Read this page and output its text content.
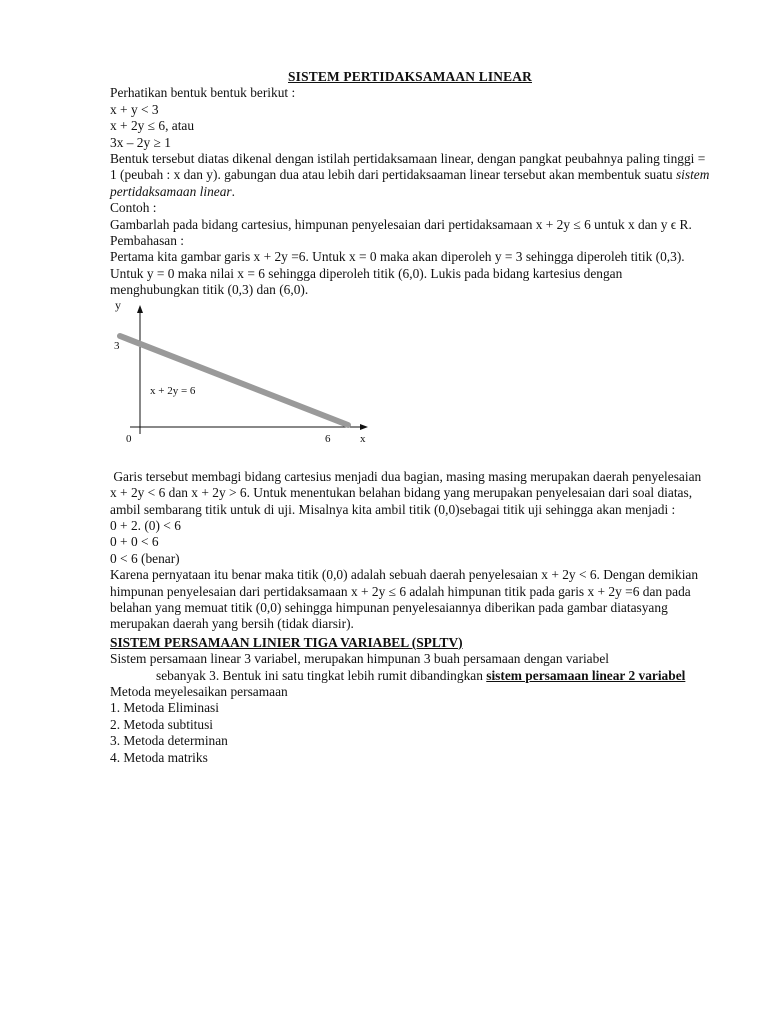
SISTEM PERTIDAKSAMAAN LINEAR

Perhatikan bentuk bentuk berikut :

x + y < 3

x + 2y ≤ 6, atau

3x – 2y ≥ 1

Bentuk tersebut diatas dikenal dengan istilah pertidaksamaan linear, dengan pangkat peubahnya paling tinggi = 1 (peubah : x dan y). gabungan dua atau lebih dari pertidaksaaman linear tersebut akan membentuk suatu sistem pertidaksamaan linear.

Contoh :

Gambarlah pada bidang cartesius, himpunan penyelesaian dari pertidaksamaan x + 2y ≤ 6 untuk x dan y ϵ R.

Pembahasan :

Pertama kita gambar garis x + 2y =6. Untuk x = 0 maka akan diperoleh y = 3 sehingga diperoleh titik (0,3). Untuk y = 0 maka nilai x = 6 sehingga diperoleh titik (6,0). Lukis pada bidang kartesius dengan menghubungkan titik (0,3) dan (6,0).

y
3
x + 2y = 6
0	6	x

Garis tersebut membagi bidang cartesius menjadi dua bagian, masing masing merupakan daerah penyelesaian  x + 2y < 6 dan x + 2y > 6. Untuk menentukan belahan bidang yang merupakan penyelesaian dari soal diatas, ambil sembarang titik untuk di uji. Misalnya kita ambil titik (0,0)sebagai titik uji sehingga akan menjadi :

0 + 2. (0) < 6

0 + 0 < 6

0 < 6 (benar)

Karena pernyataan itu benar maka titik (0,0) adalah sebuah daerah penyelesaian x + 2y < 6. Dengan demikian himpunan penyelesaian dari pertidaksamaan x + 2y ≤ 6 adalah himpunan titik pada garis x + 2y =6 dan pada belahan yang memuat titik (0,0) sehingga himpunan penyelesaiannya diberikan pada gambar diatasyang merupakan daerah yang bersih (tidak diarsir).

SISTEM PERSAMAAN LINIER TIGA VARIABEL (SPLTV)

Sistem persamaan linear 3 variabel, merupakan himpunan 3 buah persamaan dengan variabel

sebanyak 3. Bentuk ini satu tingkat lebih rumit dibandingkan sistem persamaan linear 2 variabel

Metoda meyelesaikan persamaan

1. Metoda Eliminasi

2. Metoda subtitusi

3. Metoda determinan

4. Metoda matriks
